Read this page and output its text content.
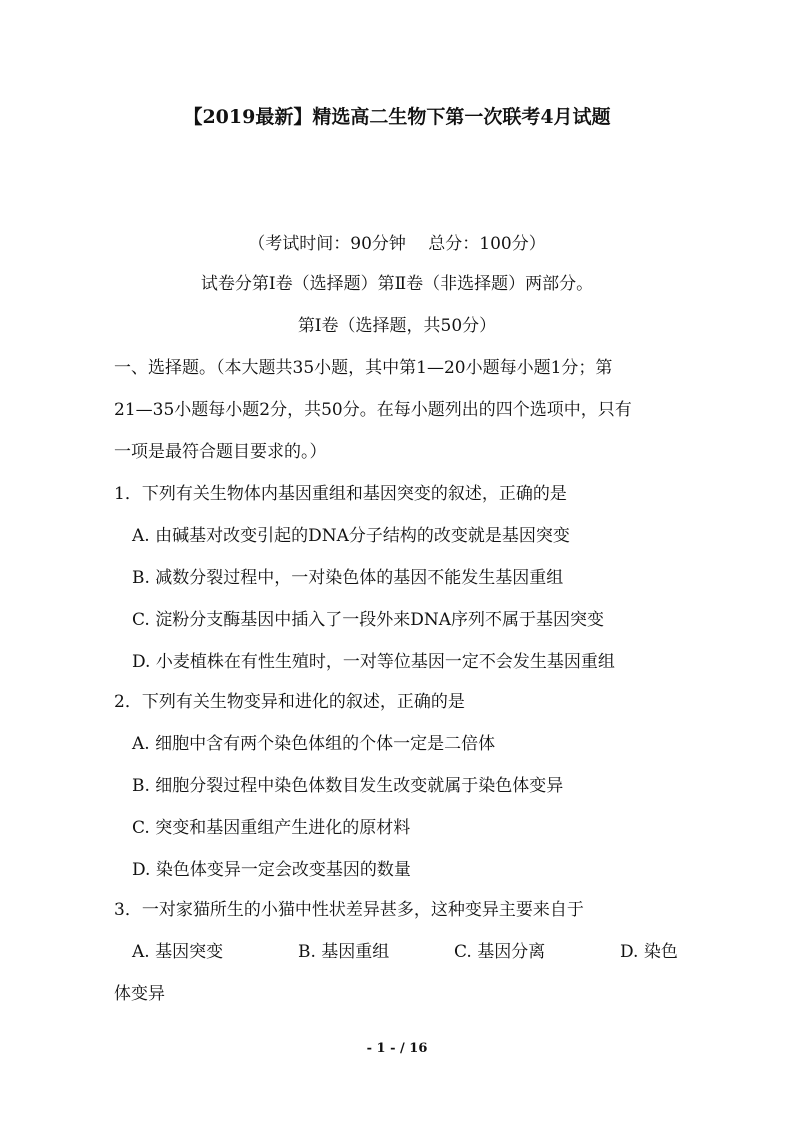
【2019最新】精选高二生物下第一次联考4月试题
（考试时间：90分钟　 总分：100分）
试卷分第Ⅰ卷（选择题）第Ⅱ卷（非选择题）两部分。
第Ⅰ卷（选择题，共50分）
一、选择题。（本大题共35小题，其中第1—20小题每小题1分；第
21—35小题每小题2分，共50分。在每小题列出的四个选项中，只有
一项是最符合题目要求的。）
1．下列有关生物体内基因重组和基因突变的叙述，正确的是
A. 由碱基对改变引起的DNA分子结构的改变就是基因突变
B. 减数分裂过程中，一对染色体的基因不能发生基因重组
C. 淀粉分支酶基因中插入了一段外来DNA序列不属于基因突变
D. 小麦植株在有性生殖时，一对等位基因一定不会发生基因重组
2．下列有关生物变异和进化的叙述，正确的是
A. 细胞中含有两个染色体组的个体一定是二倍体
B. 细胞分裂过程中染色体数目发生改变就属于染色体变异
C. 突变和基因重组产生进化的原材料
D. 染色体变异一定会改变基因的数量
3．一对家猫所生的小猫中性状差异甚多，这种变异主要来自于
A. 基因突变	B. 基因重组	C. 基因分离	D. 染色
体变异
- 1 - / 16
